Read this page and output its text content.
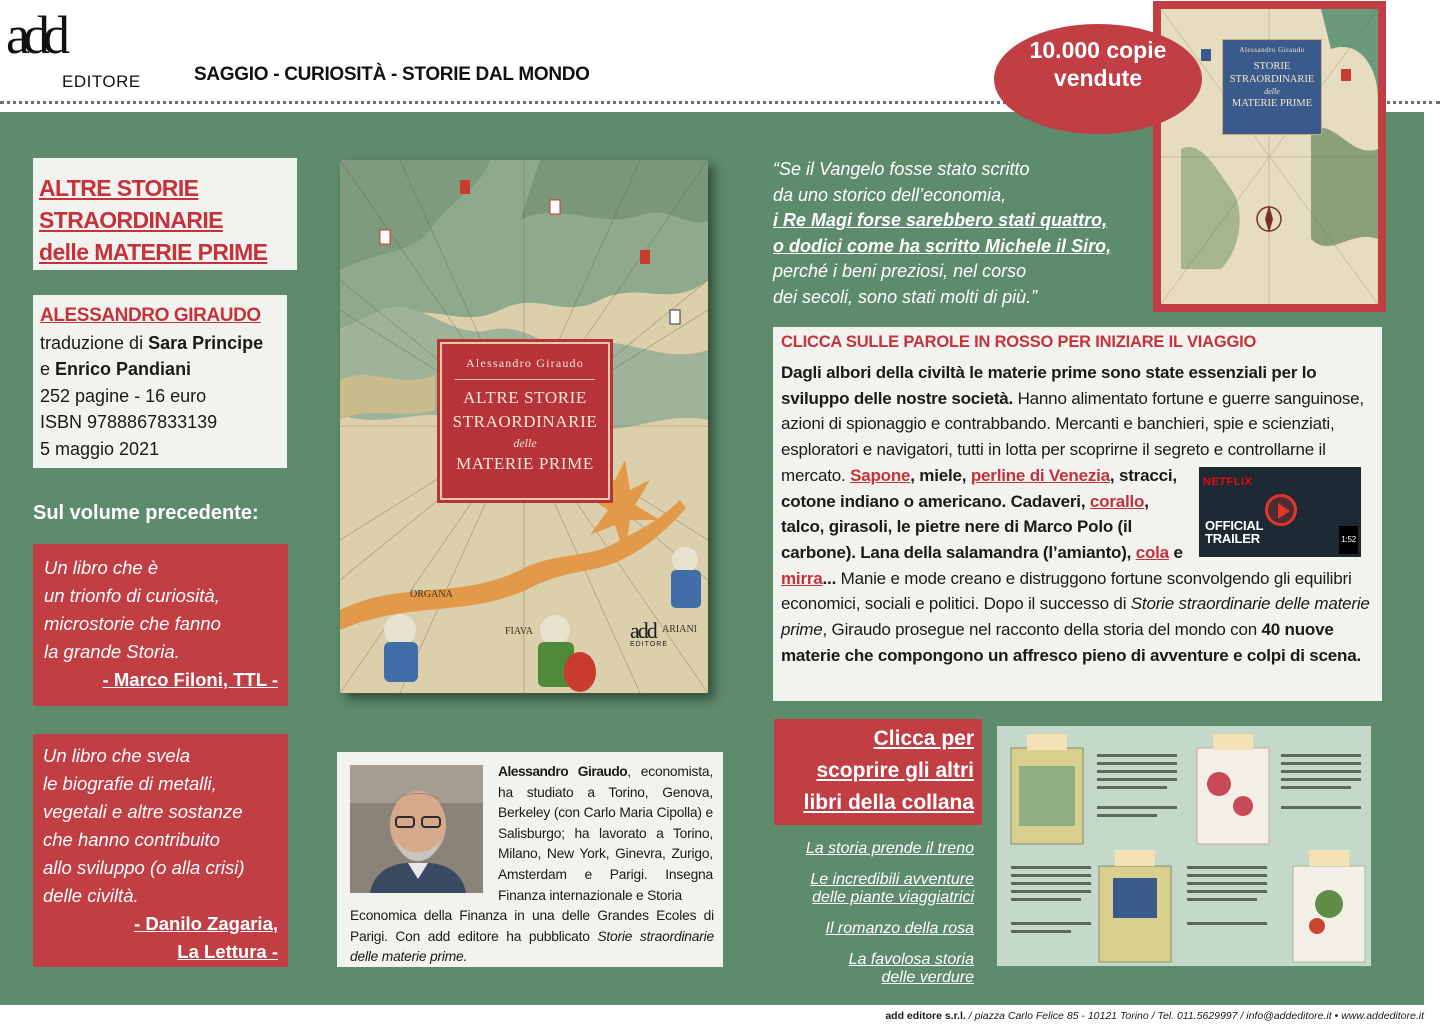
add
EDITORE	SAGGIO - CURIOSITÀ - STORIE DAL MONDO
ALTRE STORIE
STRAORDINARIE
delle MATERIE PRIME
ALESSANDRO GIRAUDO
traduzione di Sara Principe
e Enrico Pandiani
252 pagine - 16 euro
ISBN 9788867833139
5 maggio 2021
Sul volume precedente:
Un libro che è
un trionfo di curiosità,
microstorie che fanno
la grande Storia.
- Marco Filoni, TTL -
Un libro che svela
le biografie di metalli,
vegetali e altre sostanze
che hanno contribuito
allo sviluppo (o alla crisi)
delle civiltà.
- Danilo Zagaria,
La Lettura -
ORGANA
FIAVA	ARIANI
Alessandro Giraudo
ALTRE STORIE
STRAORDINARIE
delle
MATERIE PRIME
add
EDITORE
Alessandro Giraudo, economista, ha studiato a Torino, Genova, Berkeley (con Carlo Maria Cipolla) e Salisburgo; ha lavorato a Torino, Milano, New York, Ginevra, Zurigo, Amsterdam e Parigi. Insegna Finanza internazionale e Storia
Economica della Finanza in una delle Grandes Ecoles di Parigi. Con add editore ha pubblicato Storie straordinarie delle materie prime.
“Se il Vangelo fosse stato scritto
da uno storico dell’economia,
i Re Magi forse sarebbero stati quattro,
o dodici come ha scritto Michele il Siro,
perché i beni preziosi, nel corso
dei secoli, sono stati molti di più.”
CLICCA SULLE PAROLE IN ROSSO PER INIZIARE IL VIAGGIO
Dagli albori della civiltà le materie prime sono state essenziali per lo sviluppo delle nostre società. Hanno alimentato fortune e guerre sanguinose, azioni di spionaggio e contrabbando. Mercanti e banchieri, spie e scienziati, esploratori e navigatori, tutti in lotta per scoprirne il segreto e controllarne il mercato. Sapone, miele,	NETFLIX
OFFICIAL
TRAILER	1:52
perline di Venezia, stracci, cotone indiano o americano. Cadaveri, corallo, talco, girasoli, le pietre nere di Marco Polo (il carbone). Lana della salamandra (l’amianto), cola e mirra... Manie e mode creano e distruggono fortune sconvolgendo gli equilibri economici, sociali e politici. Dopo il successo di Storie straordinarie delle materie prime, Giraudo prosegue nel racconto della storia del mondo con 40 nuove materie che compongono un affresco pieno di avventure e colpi di scena.
Clicca per
scoprire gli altri
libri della collana
La storia prende il treno
Le incredibili avventure
delle piante viaggiatrici
Il romanzo della rosa
La favolosa storia
delle verdure
10.000 copie
vendute
Alessandro Giraudo
STORIE
STRAORDINARIE
delle
MATERIE PRIME
add editore s.r.l. / piazza Carlo Felice 85 - 10121 Torino / Tel. 011.5629997 / info@addeditore.it • www.addeditore.it
